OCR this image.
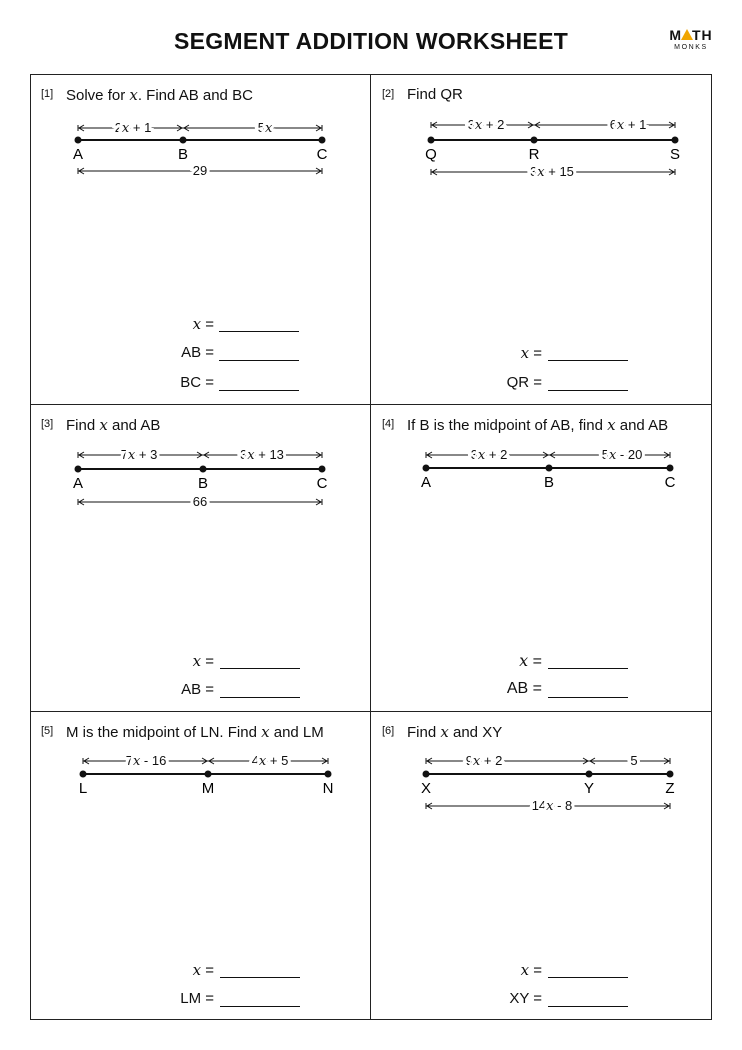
SEGMENT ADDITION WORKSHEET	M TH
MONKS
[1] Solve for x. Find AB and BC
2x + 1	5x
A	B	C
29
x =
AB =
BC =
[2] Find QR
3x + 2	6x + 1
Q	R	S
3x + 15
x =
QR =
[3] Find x and AB
7x + 3	3x + 13
A	B	C
66
x =
AB =
[4] If B is the midpoint of AB, find x and AB
3x + 2	5x - 20
A	B	C
x =
AB =
[5] M is the midpoint of LN. Find x and LM
7x - 16	4x + 5
L	M	N
x =
LM =
[6] Find x and XY
9x + 2	5
X	Y	Z
14x - 8
x =
XY =
